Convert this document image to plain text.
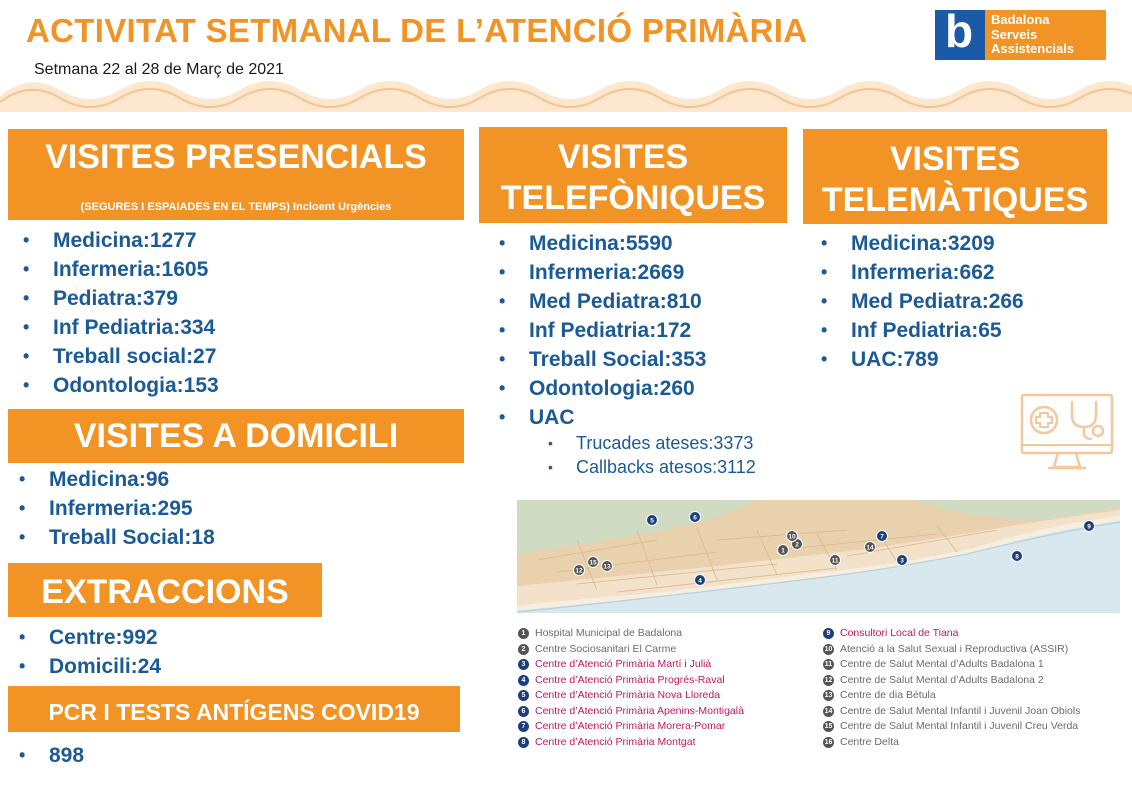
ACTIVITAT SETMANAL DE L’ATENCIÓ PRIMÀRIA
Setmana 22 al 28 de Març de 2021
b Badalona
Serveis
Assistencials
VISITES PRESENCIALS
(SEGURES I ESPAIADES EN EL TEMPS) Incloent Urgències
• Medicina:1277
• Infermeria:1605
• Pediatra:379
• Inf Pediatria:334
• Treball social:27
• Odontologia:153
VISITES A DOMICILI
• Medicina:96
• Infermeria:295
• Treball Social:18
EXTRACCIONS
• Centre:992
• Domicili:24
PCR I TESTS ANTÍGENS COVID19
• 898
VISITES
TELEFÒNIQUES
• Medicina:5590
• Infermeria:2669
• Med Pediatra:810
• Inf Pediatria:172
• Treball Social:353
• Odontologia:260
• UAC
• Trucades ateses:3373
• Callbacks atesos:3112
VISITES
TELEMÀTIQUES
• Medicina:3209
• Infermeria:662
• Med Pediatra:266
• Inf Pediatria:65
• UAC:789
1
2
3
4
5	6
7
8
9
10
11
12
13
14
15
1 Hospital Municipal de Badalona
2 Centre Sociosanitari El Carme
3 Centre d’Atenció Primària Martí i Julià
4 Centre d’Atenció Primària Progrés-Raval
5 Centre d’Atenció Primària Nova Lloreda
6 Centre d’Atenció Primària Apenins-Montigalà
7 Centre d’Atenció Primària Morera-Pomar
8 Centre d’Atenció Primària Montgat
9 Consultori Local de Tiana
10 Atenció a la Salut Sexual i Reproductiva (ASSIR)
11 Centre de Salut Mental d’Adults Badalona 1
12 Centre de Salut Mental d’Adults Badalona 2
13 Centre de dia Bétula
14 Centre de Salut Mental Infantil i Juvenil Joan Obiols
15 Centre de Salut Mental Infantil i Juvenil Creu Verda
16 Centre Delta
